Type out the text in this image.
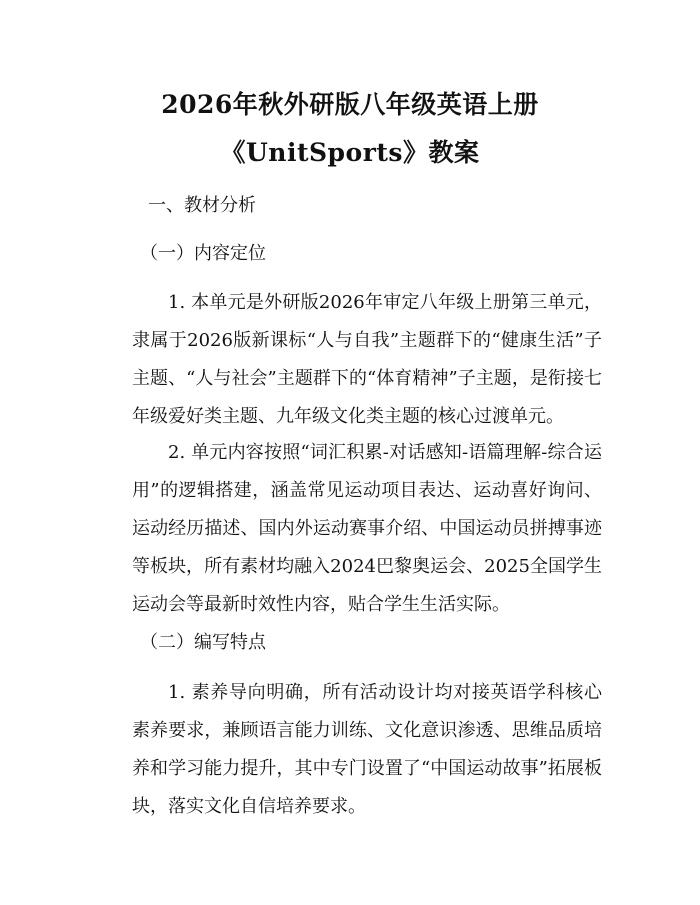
2026年秋外研版八年级英语上册
《UnitSports》教案
一、教材分析
（一）内容定位
1. 本单元是外研版2026年审定八年级上册第三单元，隶属于2026版新课标“人与自我”主题群下的“健康生活”子主题、“人与社会”主题群下的“体育精神”子主题，是衔接七年级爱好类主题、九年级文化类主题的核心过渡单元。
2. 单元内容按照“词汇积累-对话感知-语篇理解-综合运用”的逻辑搭建，涵盖常见运动项目表达、运动喜好询问、运动经历描述、国内外运动赛事介绍、中国运动员拼搏事迹等板块，所有素材均融入2024巴黎奥运会、2025全国学生运动会等最新时效性内容，贴合学生生活实际。
（二）编写特点
1. 素养导向明确，所有活动设计均对接英语学科核心素养要求，兼顾语言能力训练、文化意识渗透、思维品质培养和学习能力提升，其中专门设置了“中国运动故事”拓展板块，落实文化自信培养要求。
